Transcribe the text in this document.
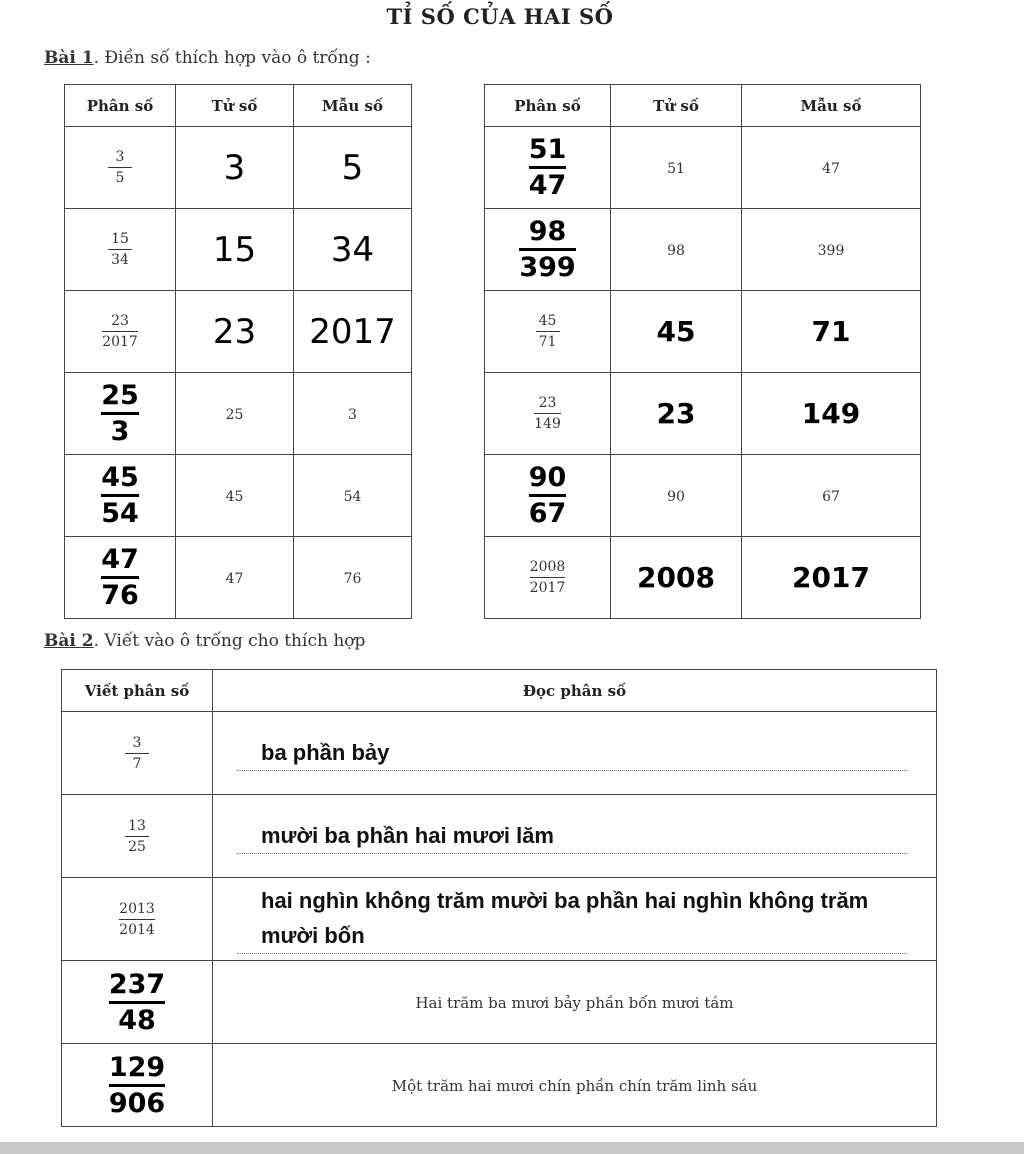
TỈ SỐ CỦA HAI SỐ
Bài 1. Điền số thích hợp vào ô trống :
Phân số	Tử số	Mẫu số

$\frac{3}{5}$	3	5

$\frac{15}{34}$	15	34

$\frac{23}{2017}$	23	2017

$\frac{25}{3}$	25	3

$\frac{45}{54}$	45	54

$\frac{47}{76}$	47	76
Phân số	Tử số	Mẫu số

$\frac{51}{47}$	51	47

$\frac{98}{399}$	98	399

$\frac{45}{71}$	45	71

$\frac{23}{149}$	23	149

$\frac{90}{67}$	90	67

$\frac{2008}{2017}$	2008	2017
Bài 2. Viết vào ô trống cho thích hợp
Viết phân số	Đọc phân số

$\frac{3}{7}$	ba phần bảy

$\frac{13}{25}$	mười ba phần hai mươi lăm

$\frac{2013}{2014}$	hai nghìn không trăm mười ba phần hai nghìn không trăm mười bốn

$\frac{237}{48}$	Hai trăm ba mươi bảy phần bốn mươi tám

$\frac{129}{906}$	Một trăm hai mươi chín phần chín trăm linh sáu
